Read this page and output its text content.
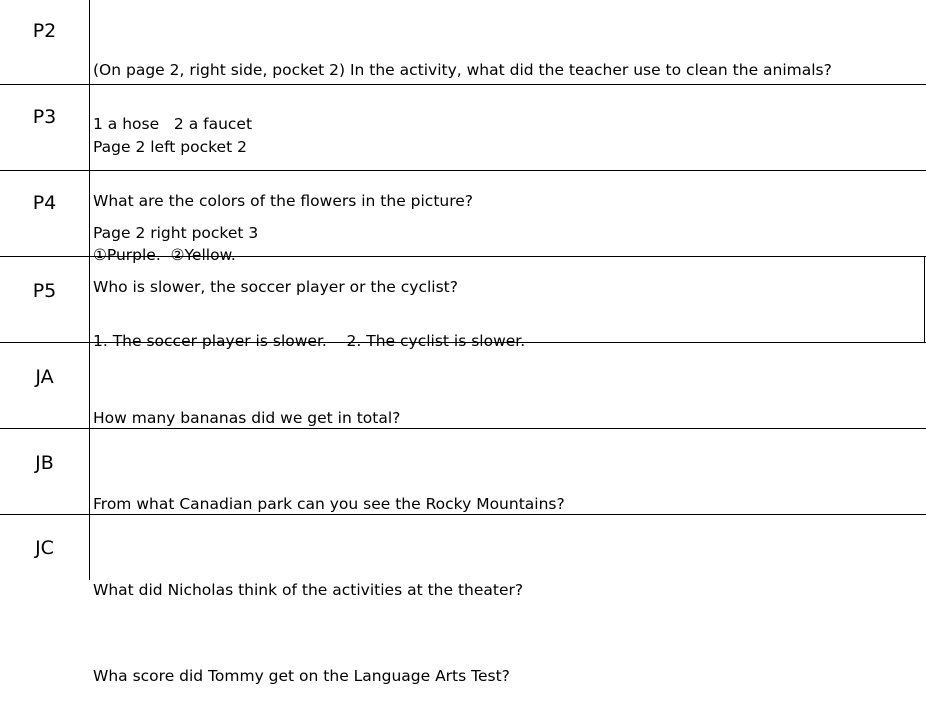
P2

(On page 2, right side, pocket 2) In the activity, what did the teacher use to clean the animals?

1 a hose   2 a faucet

P3

Page 2 left pocket 2

What are the colors of the flowers in the picture?

①Purple.  ②Yellow.

P4

Page 2 right pocket 3

Who is slower, the soccer player or the cyclist?

1. The soccer player is slower.    2. The cyclist is slower.

P5

How many bananas did we get in total?

JA

From what Canadian park can you see the Rocky Mountains?

JB

What did Nicholas think of the activities at the theater?

JC

Wha score did Tommy get on the Language Arts Test?
